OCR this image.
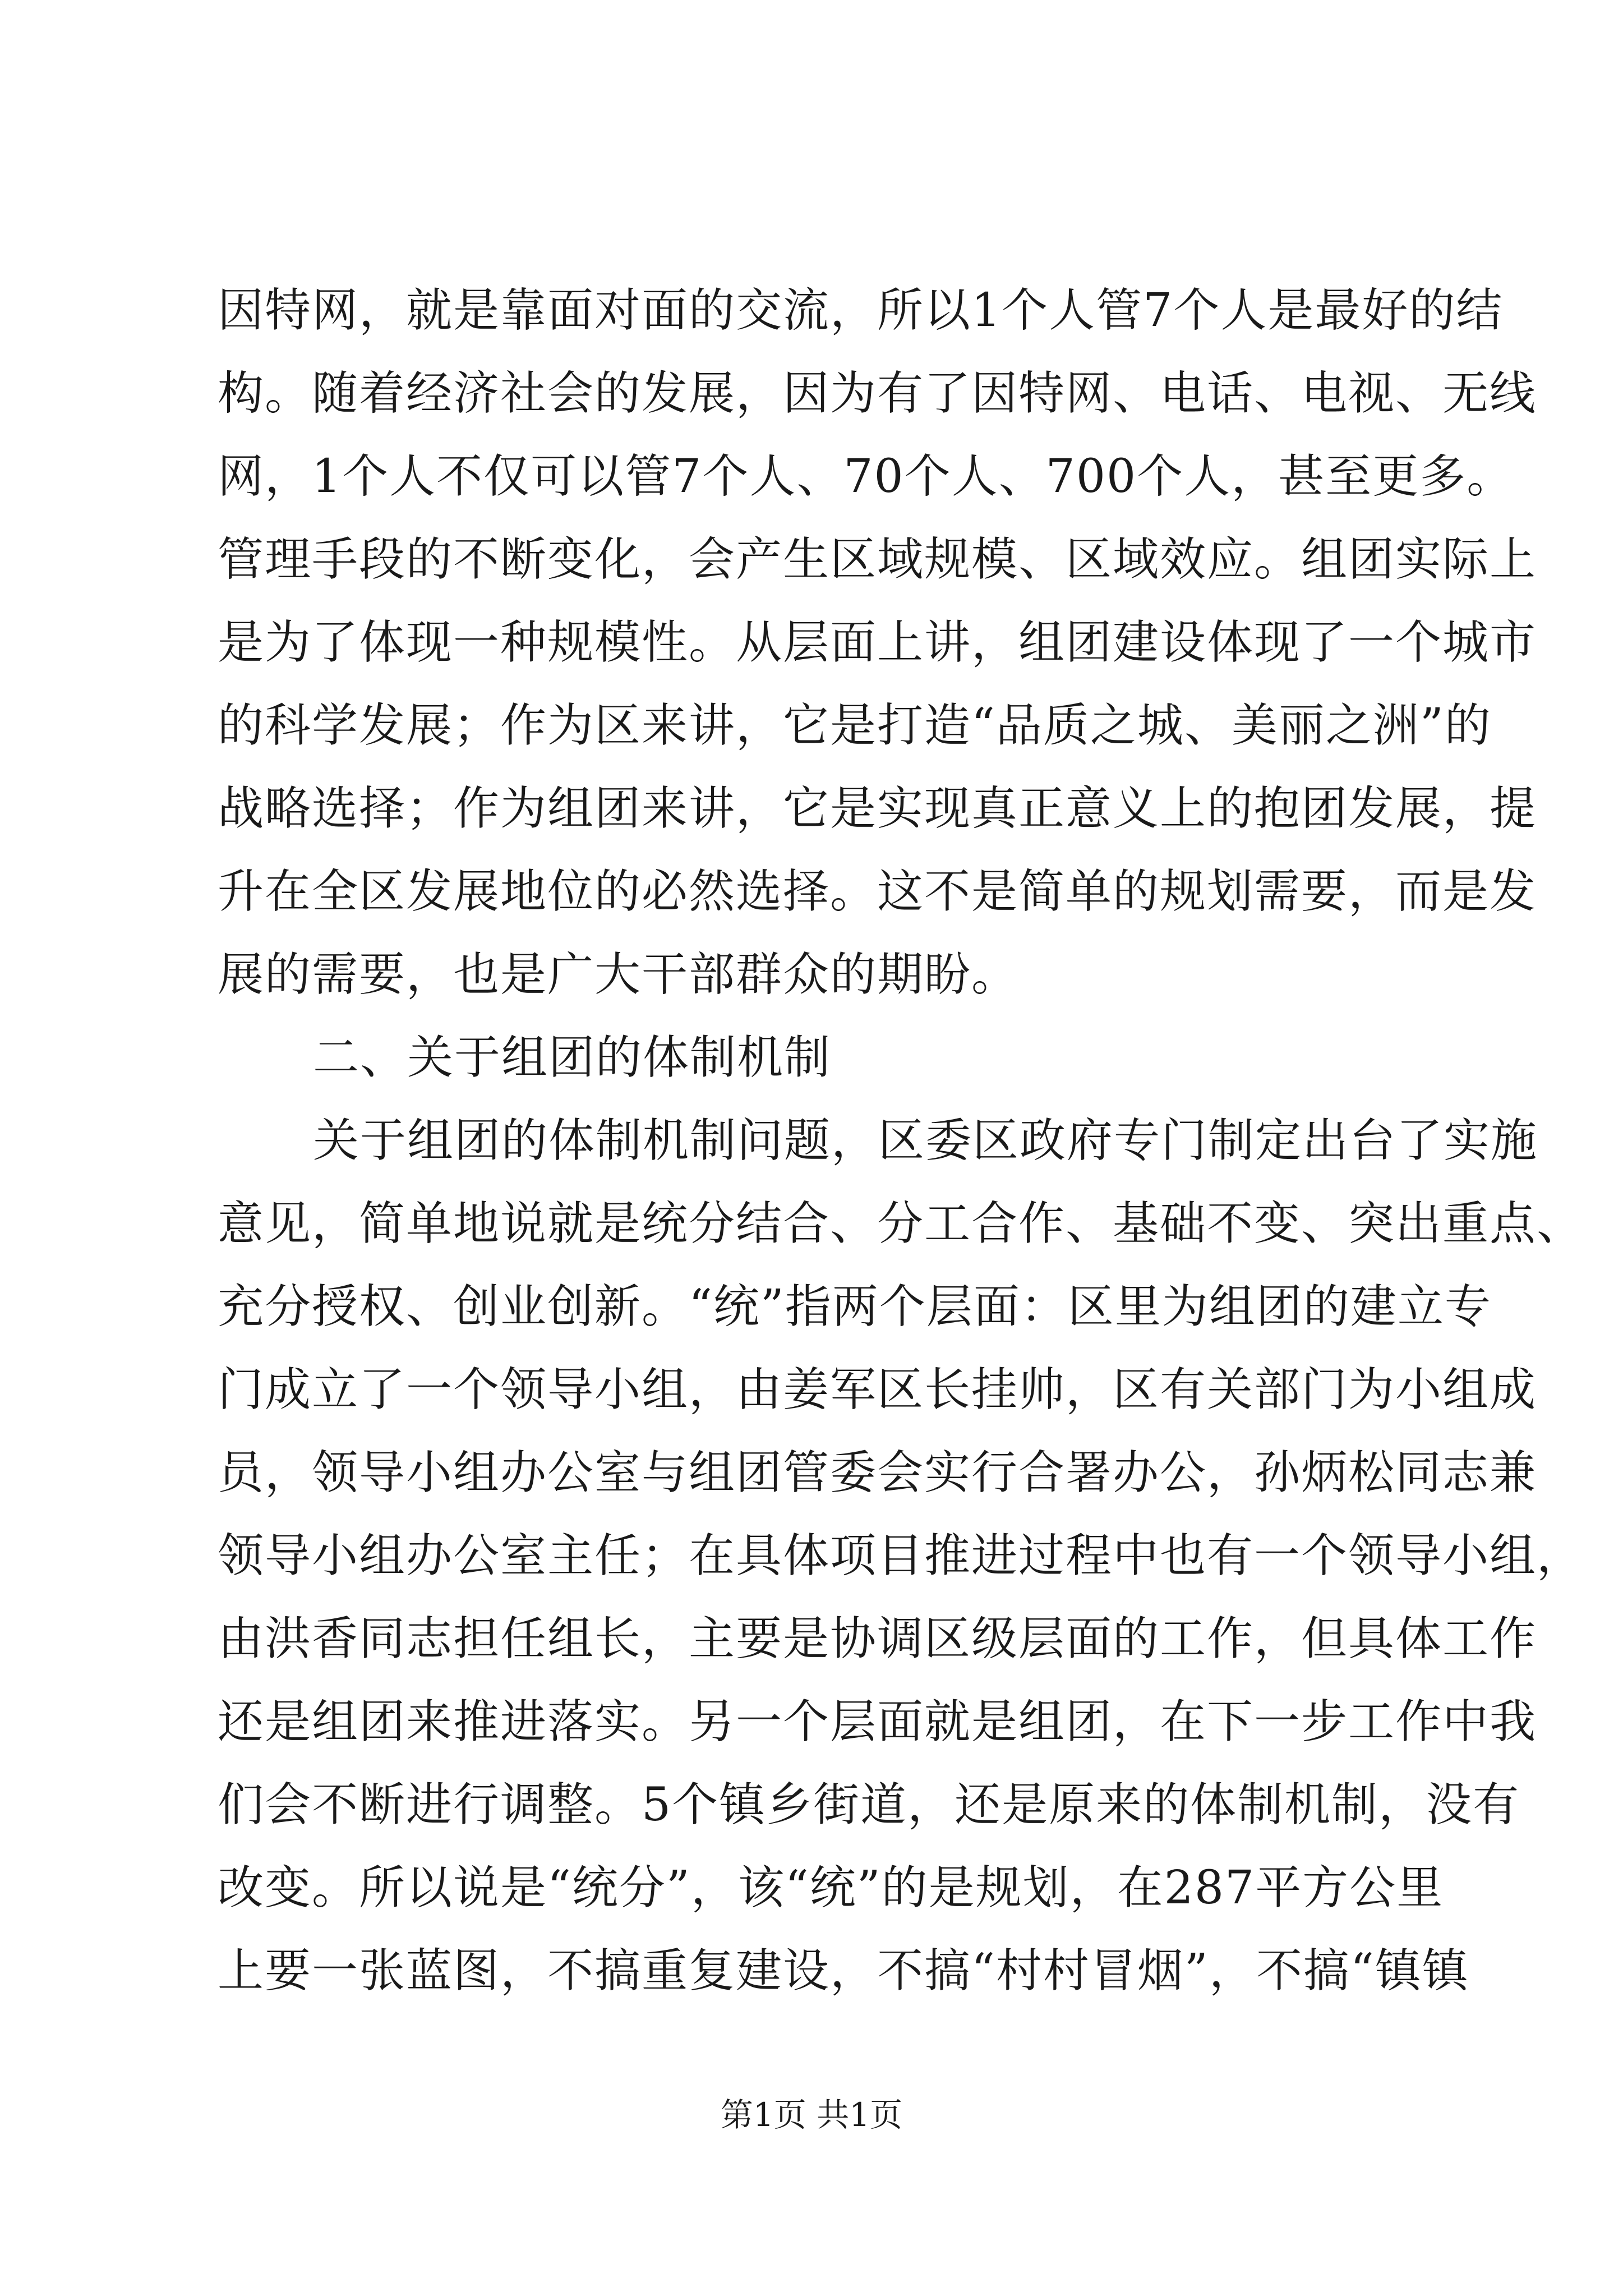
因特网，就是靠面对面的交流，所以1个人管7个人是最好的结
构。随着经济社会的发展，因为有了因特网、电话、电视、无线
网，1个人不仅可以管7个人、70个人、700个人，甚至更多。
管理手段的不断变化，会产生区域规模、区域效应。组团实际上
是为了体现一种规模性。从层面上讲，组团建设体现了一个城市
的科学发展；作为区来讲，它是打造“品质之城、美丽之洲”的
战略选择；作为组团来讲，它是实现真正意义上的抱团发展，提
升在全区发展地位的必然选择。这不是简单的规划需要，而是发
展的需要，也是广大干部群众的期盼。
二、关于组团的体制机制
关于组团的体制机制问题，区委区政府专门制定出台了实施
意见，简单地说就是统分结合、分工合作、基础不变、突出重点、
充分授权、创业创新。“统”指两个层面：区里为组团的建立专
门成立了一个领导小组，由姜军区长挂帅，区有关部门为小组成
员，领导小组办公室与组团管委会实行合署办公，孙炳松同志兼
领导小组办公室主任；在具体项目推进过程中也有一个领导小组，
由洪香同志担任组长，主要是协调区级层面的工作，但具体工作
还是组团来推进落实。另一个层面就是组团，在下一步工作中我
们会不断进行调整。5个镇乡街道，还是原来的体制机制，没有
改变。所以说是“统分”，该“统”的是规划，在287平方公里
上要一张蓝图，不搞重复建设，不搞“村村冒烟”，不搞“镇镇
第1页 共1页
